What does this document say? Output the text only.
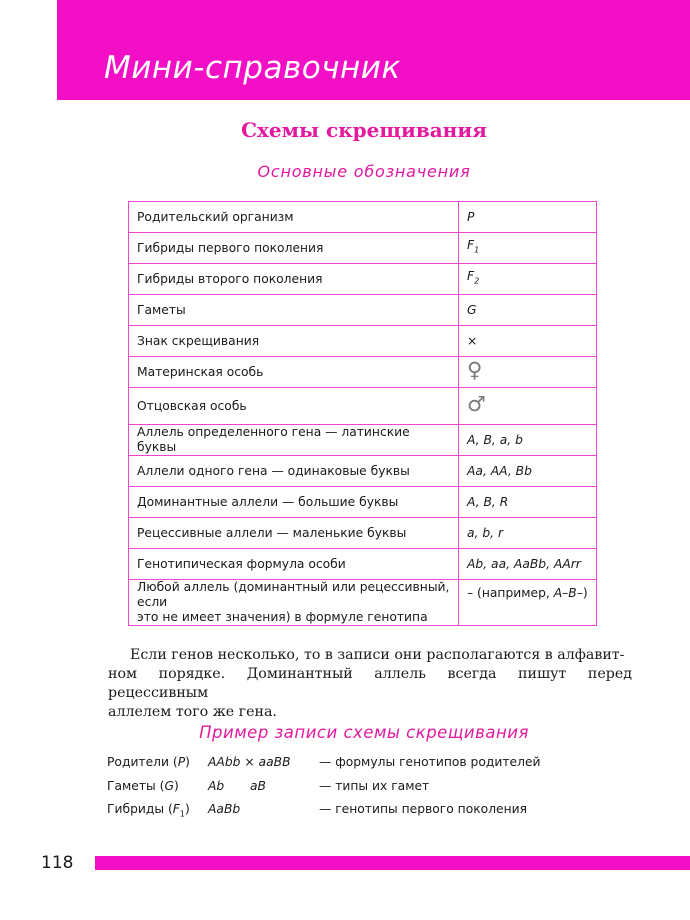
Мини-справочник
Схемы скрещивания
Основные обозначения
Родительский организм	P
Гибриды первого поколения	$F_1$
Гибриды второго поколения	$F_2$
Гаметы	G
Знак скрещивания	×
Материнская особь	♀
Отцовская особь	♂
Аллель определенного гена — латинские буквы	A, B, a, b
Аллели одного гена — одинаковые буквы	Aa, AA, Bb
Доминантные аллели — большие буквы	A, B, R
Рецессивные аллели — маленькие буквы	a, b, r
Генотипическая формула особи	Ab, aa, AaBb, AArr

Любой аллель (доминантный или рецессивный, если
это не имеет значения) в формуле генотипа	– (например, A–B–)
Если генов несколько, то в записи они располагаются в алфавит-
ном порядке. Доминантный аллель всегда пишут перед рецессивным
аллелем того же гена.
Пример записи схемы скрещивания
Родители (P) AAbb × aaBB — формулы генотипов родителей
Гаметы (G) Ab aB	— типы их гамет
Гибриды $(F_1)$ AaBb	— генотипы первого поколения
118
